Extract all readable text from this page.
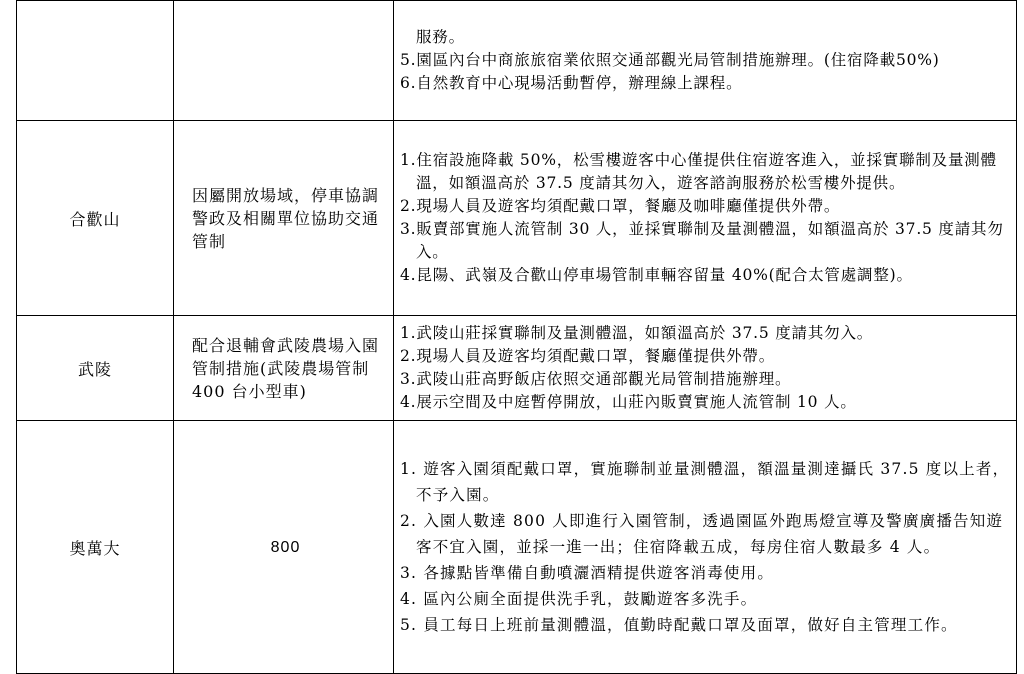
		服務。
5.園區內台中商旅旅宿業依照交通部觀光局管制措施辦理。(住宿降載50%)
6.自然教育中心現場活動暫停，辦理線上課程。

合歡山	因屬開放場域，停車協調警政及相關單位協助交通管制	1.住宿設施降載 50%，松雪樓遊客中心僅提供住宿遊客進入，並採實聯制及量測體溫，如額溫高於 37.5 度請其勿入，遊客諮詢服務於松雪樓外提供。
2.現場人員及遊客均須配戴口罩，餐廳及咖啡廳僅提供外帶。
3.販賣部實施人流管制 30 人，並採實聯制及量測體溫，如額溫高於 37.5 度請其勿入。
4.昆陽、武嶺及合歡山停車場管制車輛容留量 40%(配合太管處調整)。

武陵	配合退輔會武陵農場入園管制措施(武陵農場管制 400 台小型車)	1.武陵山莊採實聯制及量測體溫，如額溫高於 37.5 度請其勿入。
2.現場人員及遊客均須配戴口罩，餐廳僅提供外帶。
3.武陵山莊高野飯店依照交通部觀光局管制措施辦理。
4.展示空間及中庭暫停開放，山莊內販賣實施人流管制 10 人。

奧萬大	800	1. 遊客入園須配戴口罩，實施聯制並量測體溫，額溫量測達攝氏 37.5 度以上者，不予入園。
2. 入園人數達 800 人即進行入園管制，透過園區外跑馬燈宣導及警廣廣播告知遊客不宜入園，並採一進一出；住宿降載五成，每房住宿人數最多 4 人。
3. 各據點皆準備自動噴灑酒精提供遊客消毒使用。
4. 區內公廁全面提供洗手乳，鼓勵遊客多洗手。
5. 員工每日上班前量測體溫，值勤時配戴口罩及面罩，做好自主管理工作。
